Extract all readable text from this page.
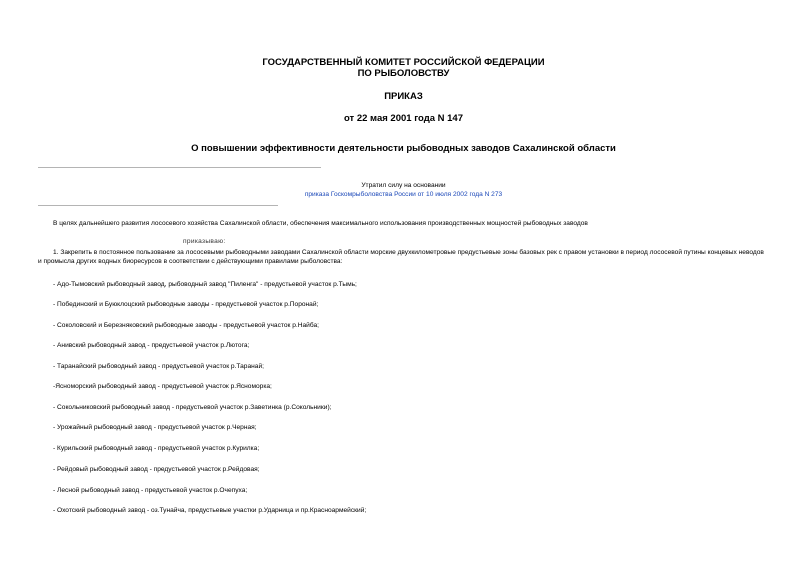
ГОСУДАРСТВЕННЫЙ КОМИТЕТ РОССИЙСКОЙ ФЕДЕРАЦИИ
ПО РЫБОЛОВСТВУ
ПРИКАЗ
от 22 мая 2001 года N 147
О повышении эффективности деятельности рыбоводных заводов Сахалинской области
Утратил силу на основании
приказа Госкомрыболовства России от 10 июля 2002 года N 273
В целях дальнейшего развития лососевого хозяйства Сахалинской области, обеспечения максимального использования производственных мощностей рыбоводных заводов
приказываю:
1. Закрепить в постоянное пользование за лососевыми рыбоводными заводами Сахалинской области морские двухкилометровые предустьевые зоны базовых рек с правом установки в период лососевой путины концевых неводов и промысла других водных биоресурсов в соответствии с действующими правилами рыболовства:
- Адо-Тымовский рыбоводный завод, рыбоводный завод "Пиленга" - предустьевой участок р.Тымь;
- Побединский и Буюклоцский рыбоводные заводы - предустьевой участок р.Поронай;
- Соколовский и Березняковский рыбоводные заводы - предустьевой участок р.Найба;
- Анивский рыбоводный завод - предустьевой участок р.Лютога;
- Таранайский рыбоводный завод - предустьевой участок р.Таранай;
-Ясноморский рыбоводный завод - предустьевой участок р.Ясноморка;
- Сокольниковский рыбоводный завод - предустьевой участок р.Заветинка (р.Сокольники);
- Урожайный рыбоводный завод - предустьевой участок р.Черная;
- Курильский рыбоводный завод - предустьевой участок р.Курилка;
- Рейдовый рыбоводный завод - предустьевой участок р.Рейдовая;
- Лесной рыбоводный завод - предустьевой участок р.Очепуха;
- Охотский рыбоводный завод - оз.Тунайча, предустьевые участки р.Ударница и пр.Красноармейский;
